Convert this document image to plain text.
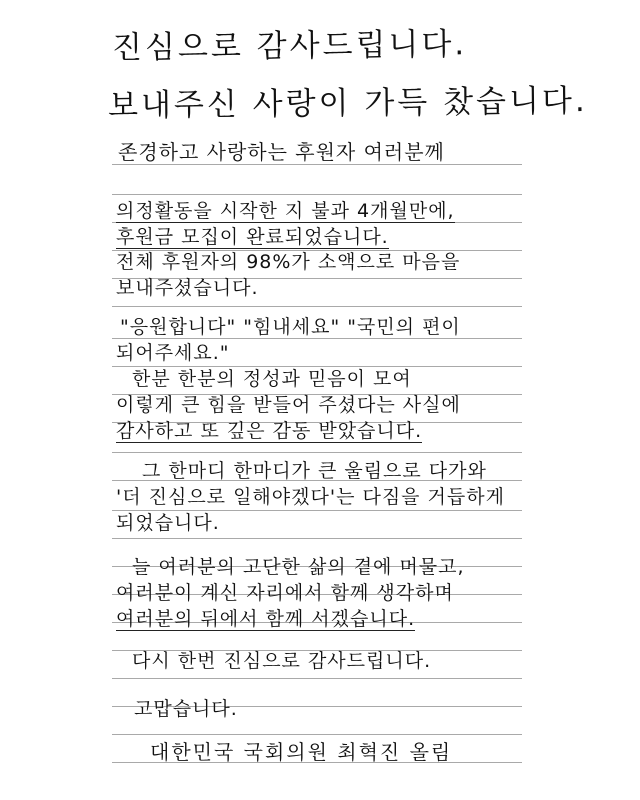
진심으로 감사드립니다.
보내주신 사랑이 가득 찼습니다.
존경하고 사랑하는 후원자 여러분께
의정활동을 시작한 지 불과 4개월만에,
후원금 모집이 완료되었습니다.
전체 후원자의 98%가 소액으로 마음을
보내주셨습니다.
"응원합니다" "힘내세요" "국민의 편이
되어주세요."
한분 한분의 정성과 믿음이 모여
이렇게 큰 힘을 받들어 주셨다는 사실에
감사하고 또 깊은 감동 받았습니다.
그 한마디 한마디가 큰 울림으로 다가와
'더 진심으로 일해야겠다'는 다짐을 거듭하게
되었습니다.
늘 여러분의 고단한 삶의 곁에 머물고,
여러분이 계신 자리에서 함께 생각하며
여러분의 뒤에서 함께 서겠습니다.
다시 한번 진심으로 감사드립니다.
고맙습니다.
대한민국 국회의원 최혁진 올림
